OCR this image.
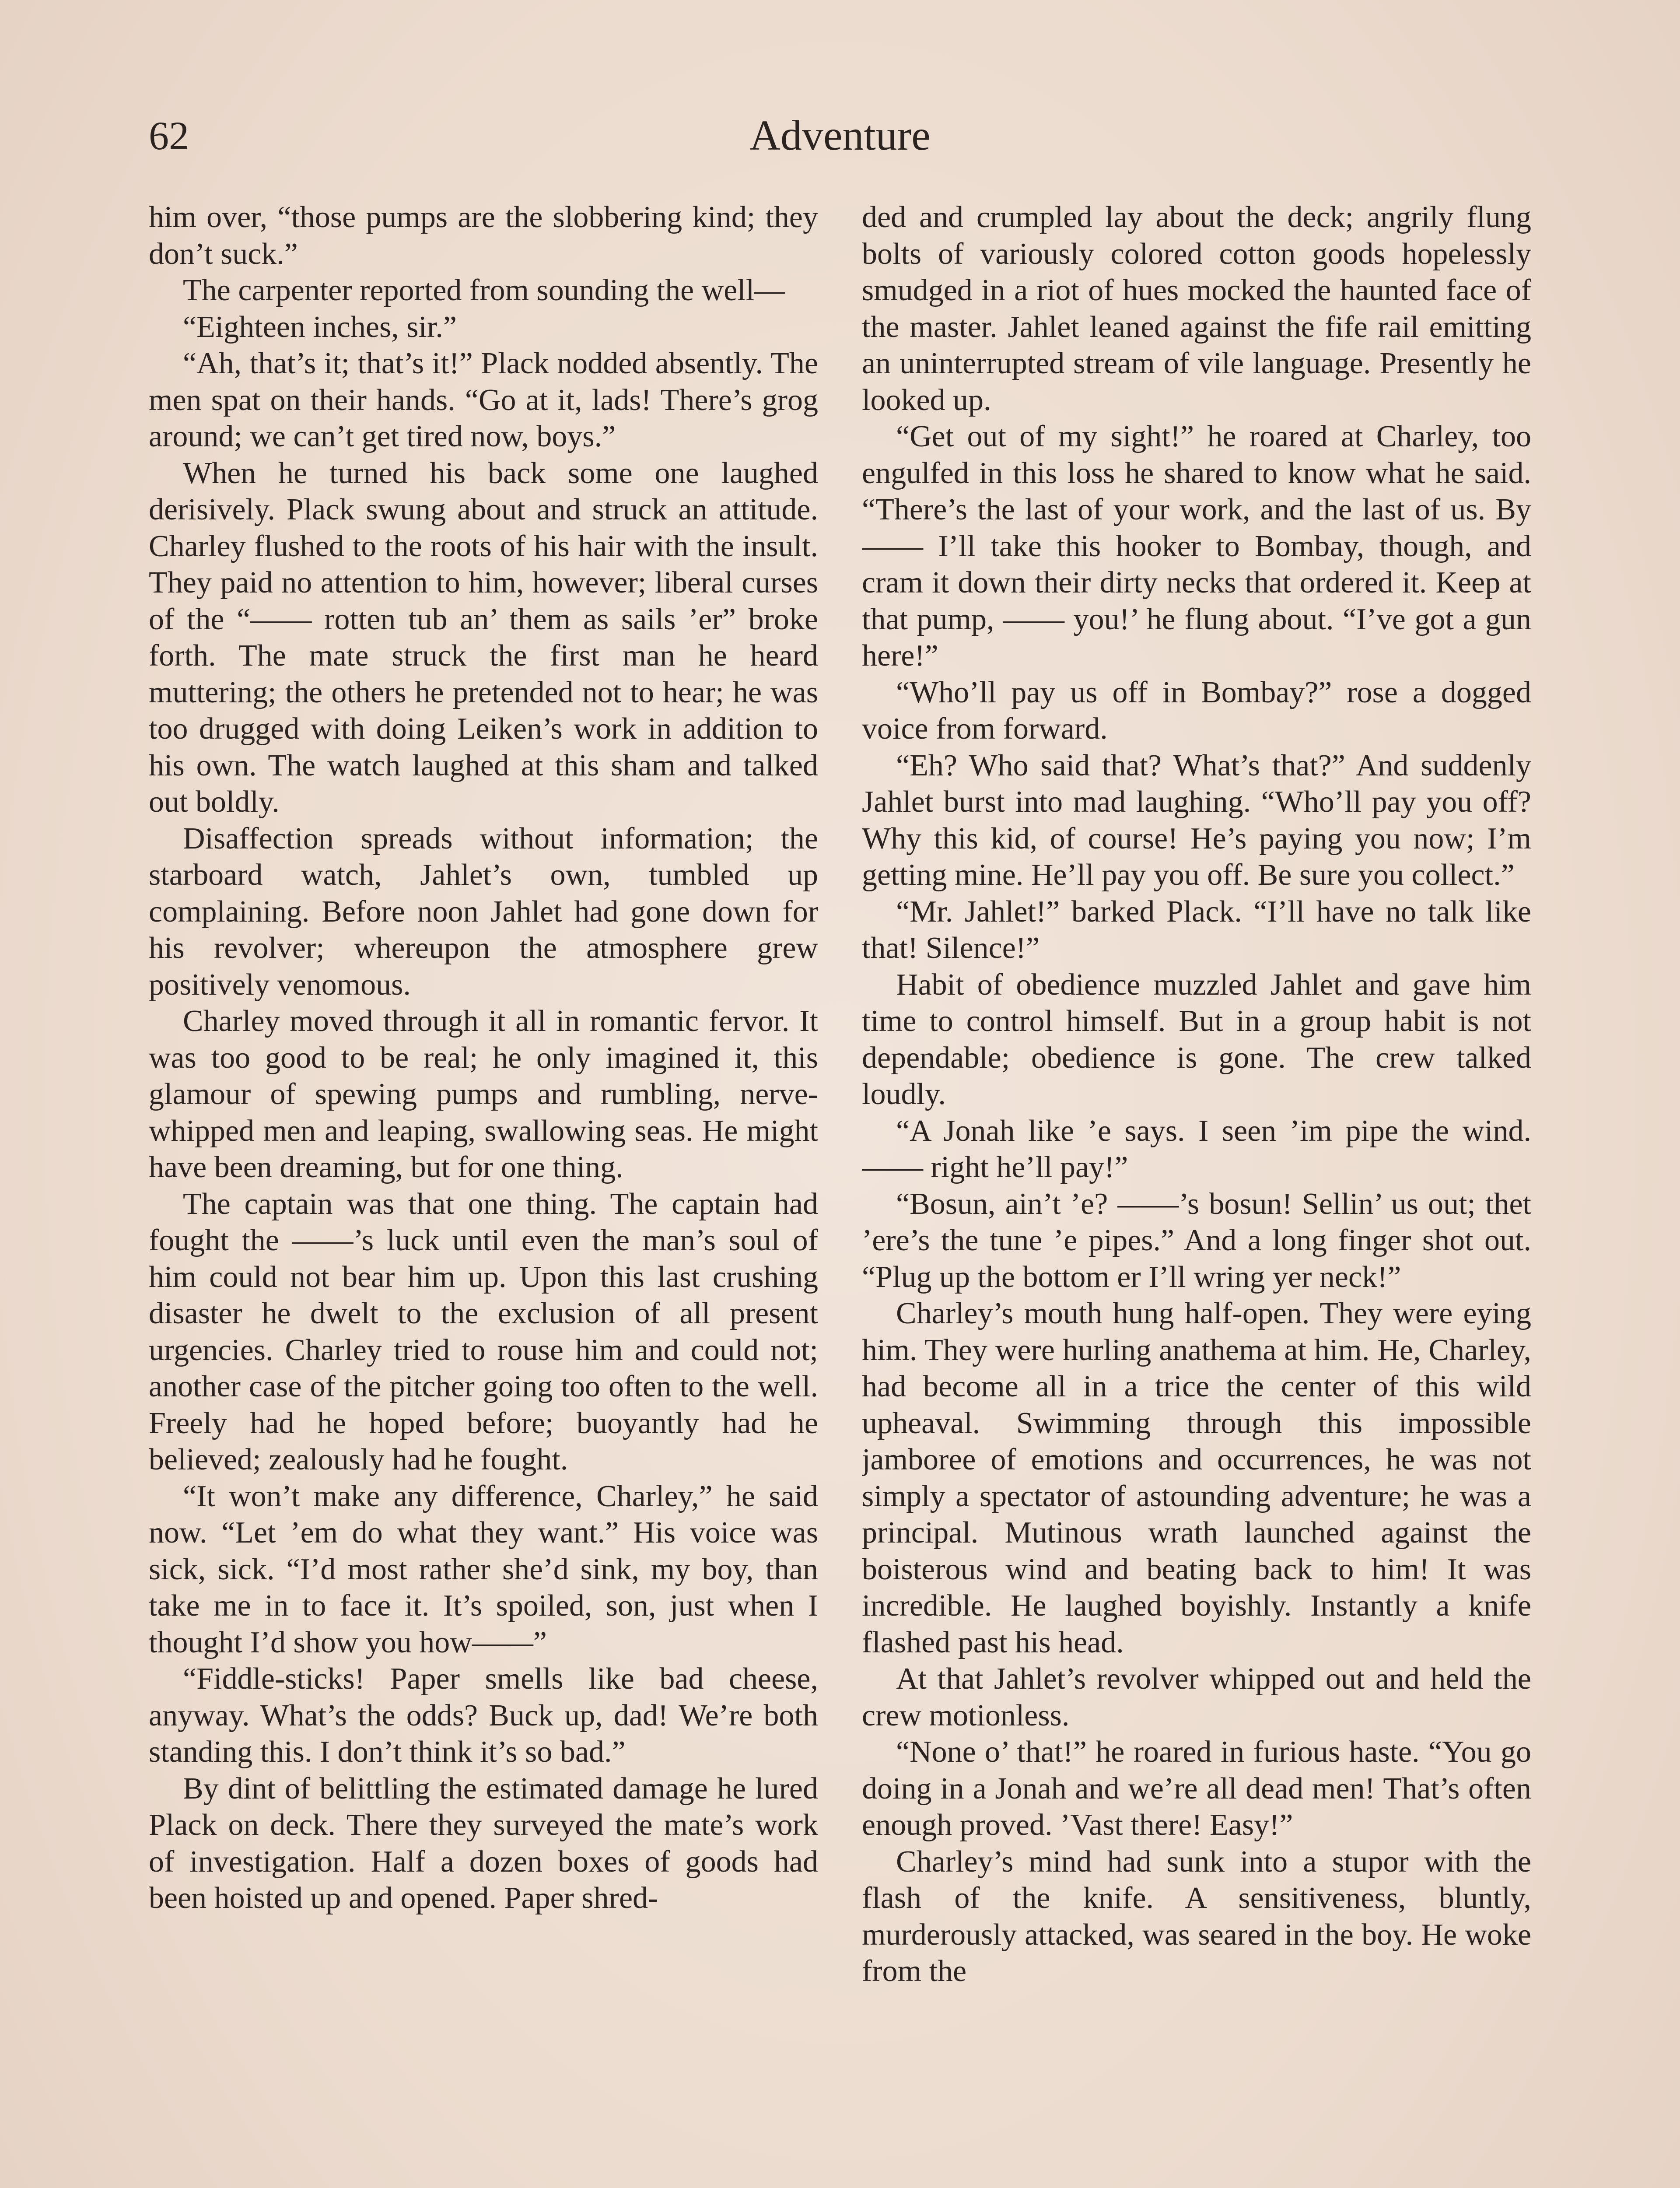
62	Adventure

him over, “those pumps are the slobbering kind; they don’t suck.”

The carpenter reported from sounding the well—

“Eighteen inches, sir.”

“Ah, that’s it; that’s it!” Plack nodded absently. The men spat on their hands. “Go at it, lads! There’s grog around; we can’t get tired now, boys.”

When he turned his back some one laughed derisively. Plack swung about and struck an attitude. Charley flushed to the roots of his hair with the insult. They paid no attention to him, however; liberal curses of the “—— rotten tub an’ them as sails ’er” broke forth. The mate struck the first man he heard muttering; the others he pretended not to hear; he was too drugged with doing Leiken’s work in addition to his own. The watch laughed at this sham and talked out boldly.

Disaffection spreads without information; the starboard watch, Jahlet’s own, tumbled up complaining. Before noon Jahlet had gone down for his revolver; whereupon the atmosphere grew positively venomous.

Charley moved through it all in romantic fervor. It was too good to be real; he only imagined it, this glamour of spewing pumps and rumbling, nerve-whipped men and leaping, swallowing seas. He might have been dreaming, but for one thing.

The captain was that one thing. The captain had fought the ——’s luck until even the man’s soul of him could not bear him up. Upon this last crushing disaster he dwelt to the exclusion of all present urgencies. Charley tried to rouse him and could not; another case of the pitcher going too often to the well. Freely had he hoped before; buoyantly had he believed; zealously had he fought.

“It won’t make any difference, Charley,” he said now. “Let ’em do what they want.” His voice was sick, sick. “I’d most rather she’d sink, my boy, than take me in to face it. It’s spoiled, son, just when I thought I’d show you how——”

“Fiddle-sticks! Paper smells like bad cheese, anyway. What’s the odds? Buck up, dad! We’re both standing this. I don’t think it’s so bad.”

By dint of belittling the estimated damage he lured Plack on deck. There they surveyed the mate’s work of investigation. Half a dozen boxes of goods had been hoisted up and opened. Paper shred-

ded and crumpled lay about the deck; angrily flung bolts of variously colored cotton goods hopelessly smudged in a riot of hues mocked the haunted face of the master. Jahlet leaned against the fife rail emitting an uninterrupted stream of vile language. Presently he looked up.

“Get out of my sight!” he roared at Charley, too engulfed in this loss he shared to know what he said. “There’s the last of your work, and the last of us. By —— I’ll take this hooker to Bombay, though, and cram it down their dirty necks that ordered it. Keep at that pump, —— you!’ he flung about. “I’ve got a gun here!”

“Who’ll pay us off in Bombay?” rose a dogged voice from forward.

“Eh? Who said that? What’s that?” And suddenly Jahlet burst into mad laughing. “Who’ll pay you off? Why this kid, of course! He’s paying you now; I’m getting mine. He’ll pay you off. Be sure you collect.”

“Mr. Jahlet!” barked Plack. “I’ll have no talk like that! Silence!”

Habit of obedience muzzled Jahlet and gave him time to control himself. But in a group habit is not dependable; obedience is gone. The crew talked loudly.

“A Jonah like ’e says. I seen ’im pipe the wind. —— right he’ll pay!”

“Bosun, ain’t ’e? ——’s bosun! Sellin’ us out; thet ’ere’s the tune ’e pipes.” And a long finger shot out. “Plug up the bottom er I’ll wring yer neck!”

Charley’s mouth hung half-open. They were eying him. They were hurling anathema at him. He, Charley, had become all in a trice the center of this wild upheaval. Swimming through this impossible jamboree of emotions and occurrences, he was not simply a spectator of astounding adventure; he was a principal. Mutinous wrath launched against the boisterous wind and beating back to him! It was incredible. He laughed boyishly. Instantly a knife flashed past his head.

At that Jahlet’s revolver whipped out and held the crew motionless.

“None o’ that!” he roared in furious haste. “You go doing in a Jonah and we’re all dead men! That’s often enough proved. ’Vast there! Easy!”

Charley’s mind had sunk into a stupor with the flash of the knife. A sensitiveness, bluntly, murderously attacked, was seared in the boy. He woke from the
